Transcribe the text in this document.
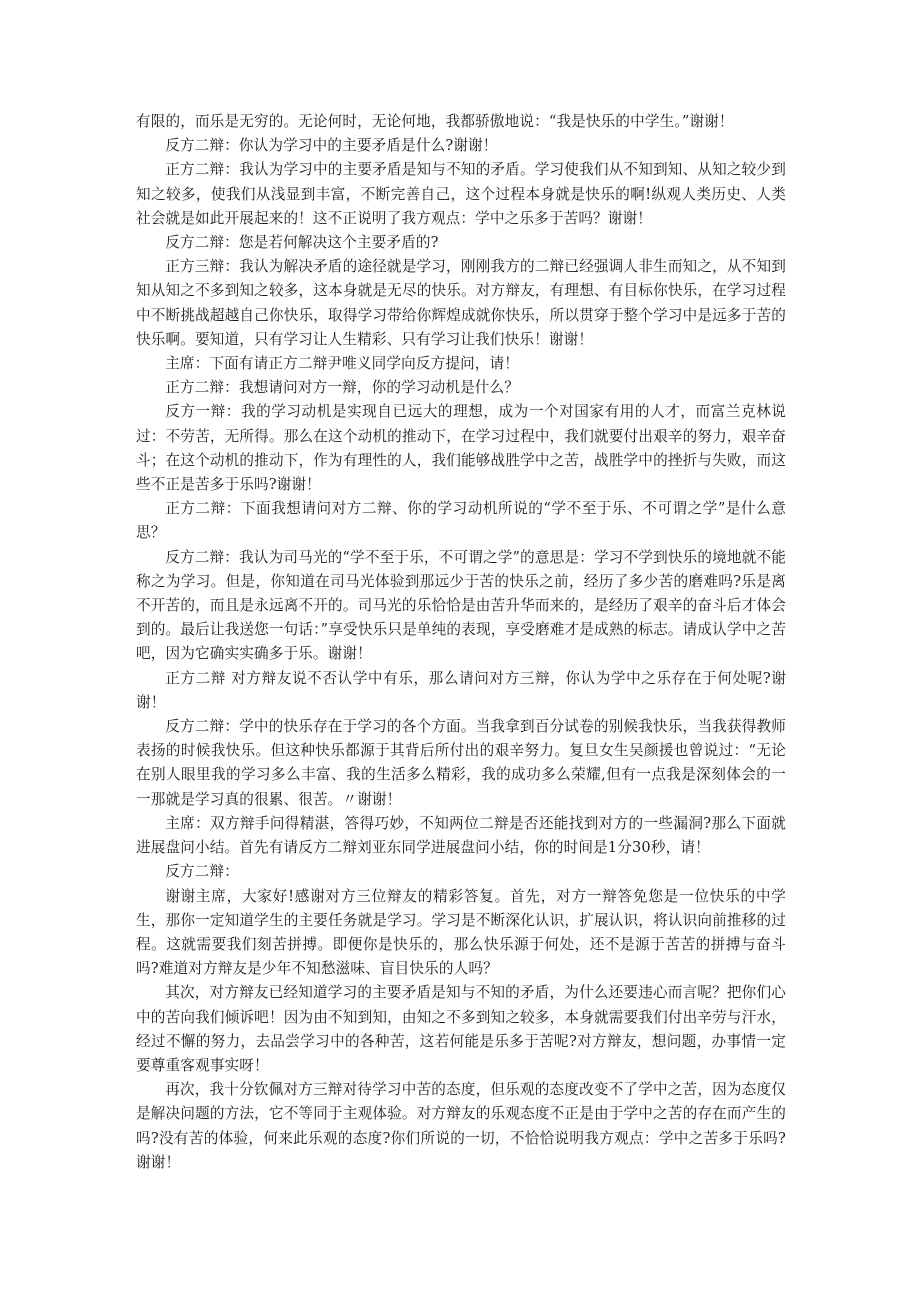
有限的，而乐是无穷的。无论何时，无论何地，我都骄傲地说：“我是快乐的中学生。”谢谢！

反方二辩：你认为学习中的主要矛盾是什么?谢谢！

正方二辩：我认为学习中的主要矛盾是知与不知的矛盾。学习使我们从不知到知、从知之较少到知之较多，使我们从浅显到丰富，不断完善自己，这个过程本身就是快乐的啊!纵观人类历史、人类社会就是如此开展起来的！这不正说明了我方观点：学中之乐多于苦吗？谢谢！

反方二辩：您是若何解决这个主要矛盾的?

正方三辩：我认为解决矛盾的途径就是学习，刚刚我方的二辩已经强调人非生而知之，从不知到知从知之不多到知之较多，这本身就是无尽的快乐。对方辩友，有理想、有目标你快乐，在学习过程中不断挑战超越自己你快乐，取得学习带给你辉煌成就你快乐，所以贯穿于整个学习中是远多于苦的快乐啊。要知道，只有学习让人生精彩、只有学习让我们快乐！谢谢！

主席：下面有请正方二辩尹唯义同学向反方提问，请！

正方二辩：我想请问对方一辩，你的学习动机是什么？

反方一辩：我的学习动机是实现自已远大的理想，成为一个对国家有用的人才，而富兰克林说过：不劳苦，无所得。那么在这个动机的推动下，在学习过程中，我们就要付出艰辛的努力，艰辛奋斗；在这个动机的推动下，作为有理性的人，我们能够战胜学中之苦，战胜学中的挫折与失败，而这些不正是苦多于乐吗?谢谢！

正方二辩：下面我想请问对方二辩、你的学习动机所说的“学不至于乐、不可谓之学”是什么意思？

反方二辩：我认为司马光的“学不至于乐，不可谓之学”的意思是：学习不学到快乐的境地就不能称之为学习。但是，你知道在司马光体验到那远少于苦的快乐之前，经历了多少苦的磨难吗?乐是离不开苦的，而且是永远离不开的。司马光的乐恰恰是由苦升华而来的，是经历了艰辛的奋斗后才体会到的。最后让我送您一句话：”享受快乐只是单纯的表现，享受磨难才是成熟的标志。请成认学中之苦吧，因为它确实实确多于乐。谢谢！

正方二辩 对方辩友说不否认学中有乐，那么请问对方三辩，你认为学中之乐存在于何处呢?谢谢！

反方二辩：学中的快乐存在于学习的各个方面。当我拿到百分试卷的别候我快乐，当我获得教师表扬的时候我快乐。但这种快乐都源于其背后所付出的艰辛努力。复旦女生吴颜援也曾说过：“无论在别人眼里我的学习多么丰富、我的生活多么精彩，我的成功多么荣耀,但有一点我是深刻体会的一一那就是学习真的很累、很苦。〃谢谢！

主席：双方辩手问得精湛，答得巧妙，不知两位二辩是否还能找到对方的一些漏洞?那么下面就进展盘问小结。首先有请反方二辩刘亚东同学进展盘问小结，你的时间是1分30秒，请！

反方二辩：

谢谢主席，大家好!感谢对方三位辩友的精彩答复。首先，对方一辩答免您是一位快乐的中学生，那你一定知道学生的主要任务就是学习。学习是不断深化认识，扩展认识，将认识向前推移的过程。这就需要我们刻苦拼搏。即便你是快乐的，那么快乐源于何处，还不是源于苦苦的拼搏与奋斗吗?难道对方辩友是少年不知愁滋味、盲目快乐的人吗？

其次，对方辩友已经知道学习的主要矛盾是知与不知的矛盾，为什么还要违心而言呢？把你们心中的苦向我们倾诉吧！因为由不知到知，由知之不多到知之较多，本身就需要我们付出辛劳与汗水，经过不懈的努力，去品尝学习中的各种苦，这若何能是乐多于苦呢?对方辩友，想问题，办事情一定要尊重客观事实呀！

再次，我十分钦佩对方三辩对待学习中苦的态度，但乐观的态度改变不了学中之苦，因为态度仅是解决问题的方法，它不等同于主观体验。对方辩友的乐观态度不正是由于学中之苦的存在而产生的吗?没有苦的体验，何来此乐观的态度?你们所说的一切，不恰恰说明我方观点：学中之苦多于乐吗?谢谢！
